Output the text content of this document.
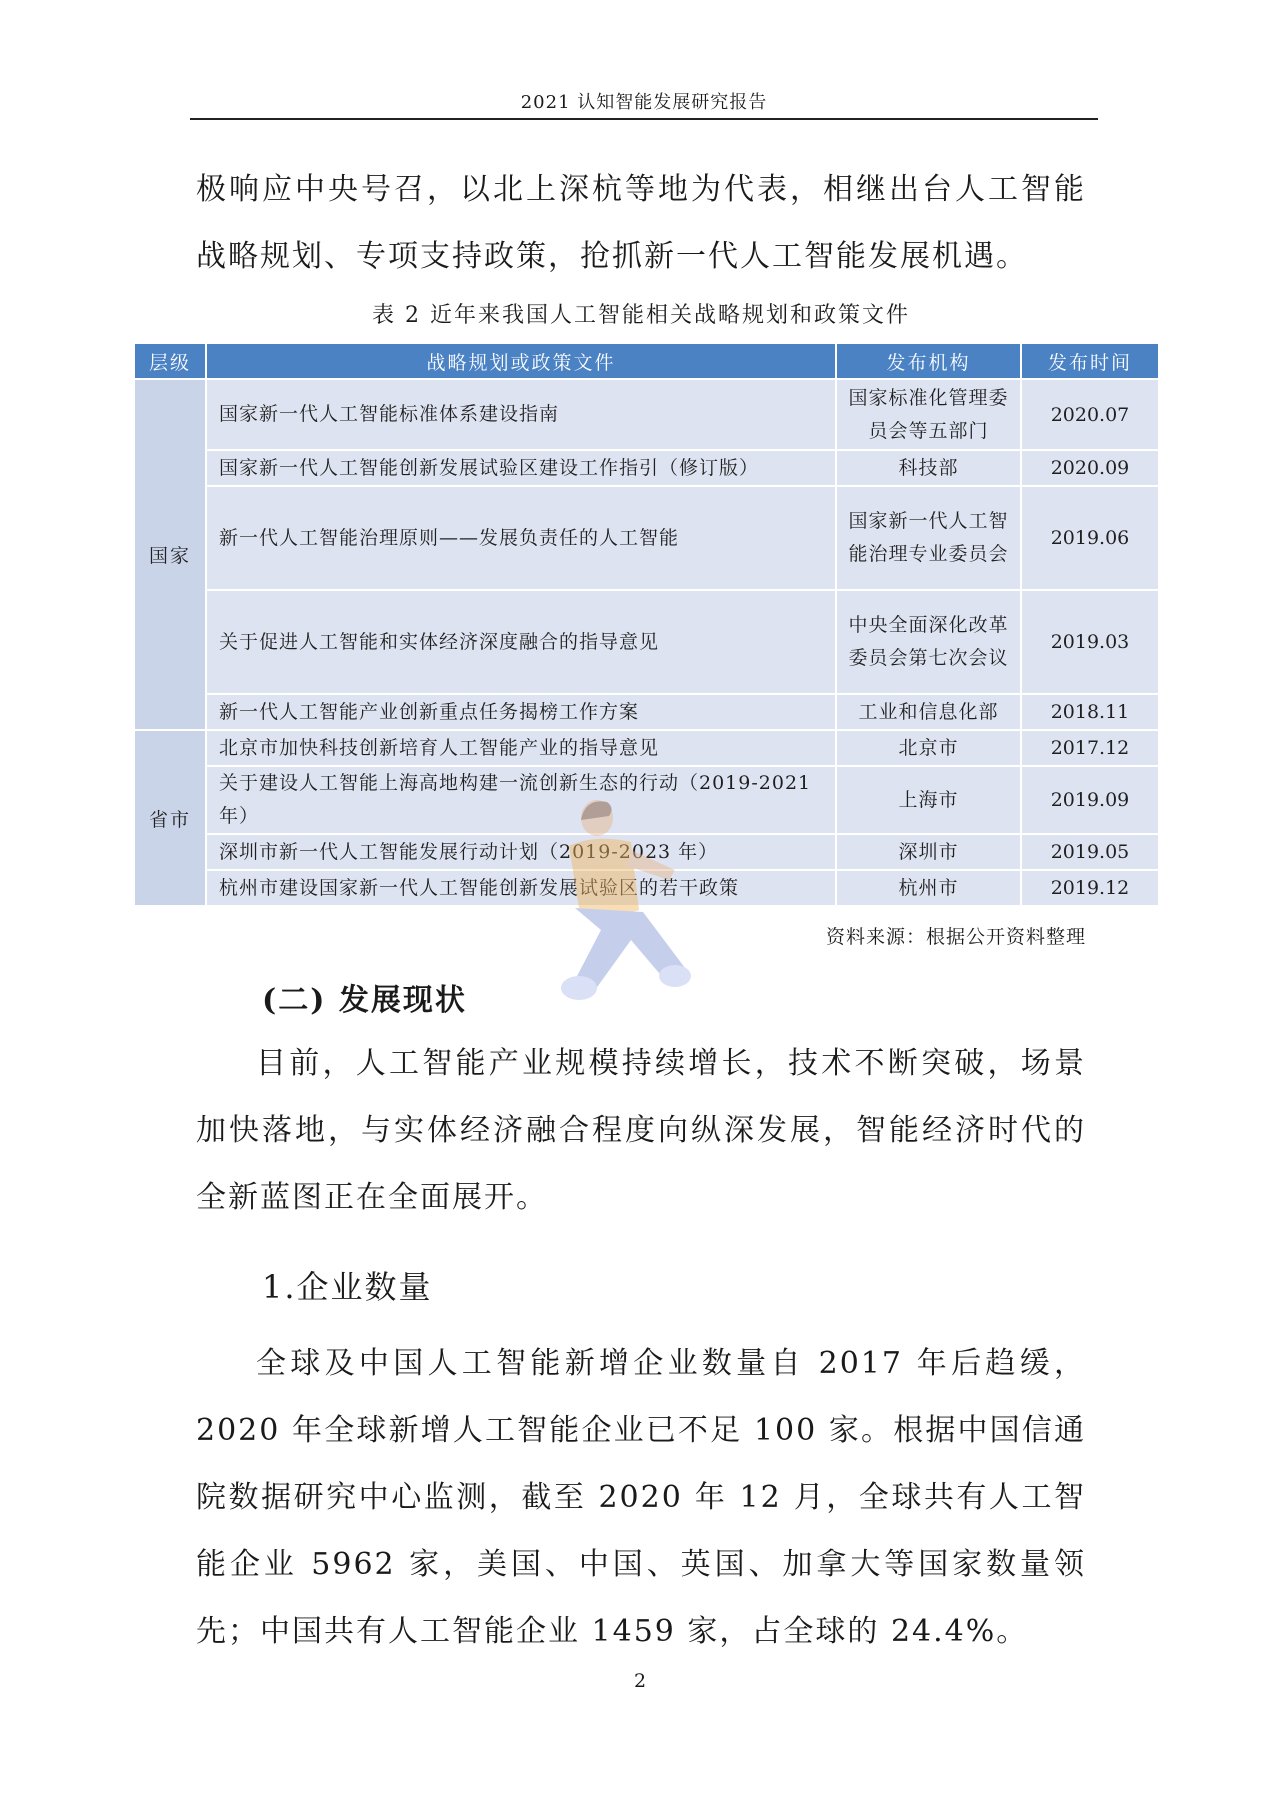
2021 认知智能发展研究报告

极响应中央号召，以北上深杭等地为代表，相继出台人工智能战略规划、专项支持政策，抢抓新一代人工智能发展机遇。

表 2 近年来我国人工智能相关战略规划和政策文件
层级	战略规划或政策文件	发布机构	发布时间
国家	国家新一代人工智能标准体系建设指南	国家标准化管理委员会等五部门	2020.07
	国家新一代人工智能创新发展试验区建设工作指引（修订版）	科技部	2020.09
	新一代人工智能治理原则——发展负责任的人工智能	国家新一代人工智能治理专业委员会	2019.06
	关于促进人工智能和实体经济深度融合的指导意见	中央全面深化改革委员会第七次会议	2019.03
	新一代人工智能产业创新重点任务揭榜工作方案	工业和信息化部	2018.11
省市	北京市加快科技创新培育人工智能产业的指导意见	北京市	2017.12
	关于建设人工智能上海高地构建一流创新生态的行动（2019-2021 年）	上海市	2019.09
	深圳市新一代人工智能发展行动计划（2019-2023 年）	深圳市	2019.05
	杭州市建设国家新一代人工智能创新发展试验区的若干政策	杭州市	2019.12
资料来源：根据公开资料整理
(二) 发展现状

目前，人工智能产业规模持续增长，技术不断突破，场景加快落地，与实体经济融合程度向纵深发展，智能经济时代的全新蓝图正在全面展开。

1.企业数量

全球及中国人工智能新增企业数量自 2017 年后趋缓，2020 年全球新增人工智能企业已不足 100 家。根据中国信通院数据研究中心监测，截至 2020 年 12 月，全球共有人工智能企业 5962 家，美国、中国、英国、加拿大等国家数量领先；中国共有人工智能企业 1459 家，占全球的 24.4%。

2
